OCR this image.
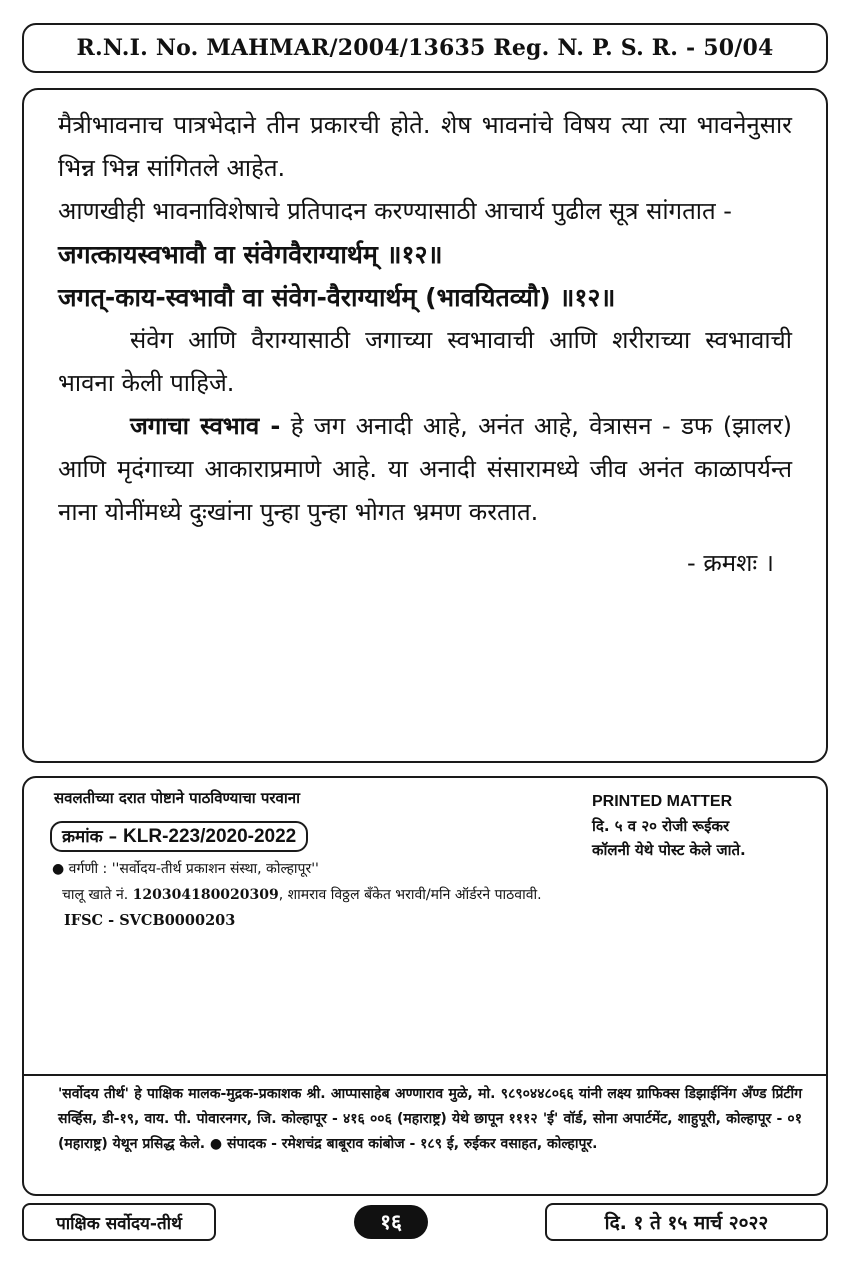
R.N.I. No. MAHMAR/2004/13635 Reg. N. P. S. R. - 50/04

मैत्रीभावनाच पात्रभेदाने तीन प्रकारची होते. शेष भावनांचे विषय त्या त्या भावनेनुसार भिन्न भिन्न सांगितले आहेत.

आणखीही भावनाविशेषाचे प्रतिपादन करण्यासाठी आचार्य पुढील सूत्र सांगतात -

जगत्कायस्वभावौ वा संवेगवैराग्यार्थम् ॥१२॥

जगत्-काय-स्वभावौ वा संवेग-वैराग्यार्थम् (भावयितव्यौ) ॥१२॥

संवेग आणि वैराग्यासाठी जगाच्या स्वभावाची आणि शरीराच्या स्वभावाची भावना केली पाहिजे.

जगाचा स्वभाव - हे जग अनादी आहे, अनंत आहे, वेत्रासन - डफ (झालर) आणि मृदंगाच्या आकाराप्रमाणे आहे. या अनादी संसारामध्ये जीव अनंत काळापर्यन्त नाना योनींमध्ये दुःखांना पुन्हा पुन्हा भोगत भ्रमण करतात.

- क्रमशः ।

सवलतीच्या दरात पोष्टाने पाठविण्याचा परवाना
क्रमांक – KLR-223/2020-2022
● वर्गणी : ''सर्वोदय-तीर्थ प्रकाशन संस्था, कोल्हापूर''
चालू खाते नं. 120304180020309, शामराव विठ्ठल बँकेत भरावी/मनि ऑर्डरने पाठवावी.
IFSC - SVCB0000203
PRINTED MATTER
दि. ५ व २० रोजी रूईकर
कॉलनी येथे पोस्ट केले जाते.
'सर्वोदय तीर्थ' हे पाक्षिक मालक-मुद्रक-प्रकाशक श्री. आप्पासाहेब अण्णाराव मुळे, मो. ९८९०४४८०६६ यांनी लक्ष्य ग्राफिक्स डिझाईनिंग अँण्ड प्रिंटींग सर्व्हिस, डी-१९, वाय. पी. पोवारनगर, जि. कोल्हापूर - ४१६ ००६ (महाराष्ट्र) येथे छापून १११२ 'ई' वॉर्ड, सोना अपार्टमेंट, शाहुपूरी, कोल्हापूर - ०१ (महाराष्ट्र) येथून प्रसिद्ध केले. ● संपादक - रमेशचंद्र बाबूराव कांबोज - १८९ ई, रुईकर वसाहत, कोल्हापूर.
पाक्षिक सर्वोदय-तीर्थ	१६	दि. १ ते १५ मार्च २०२२
